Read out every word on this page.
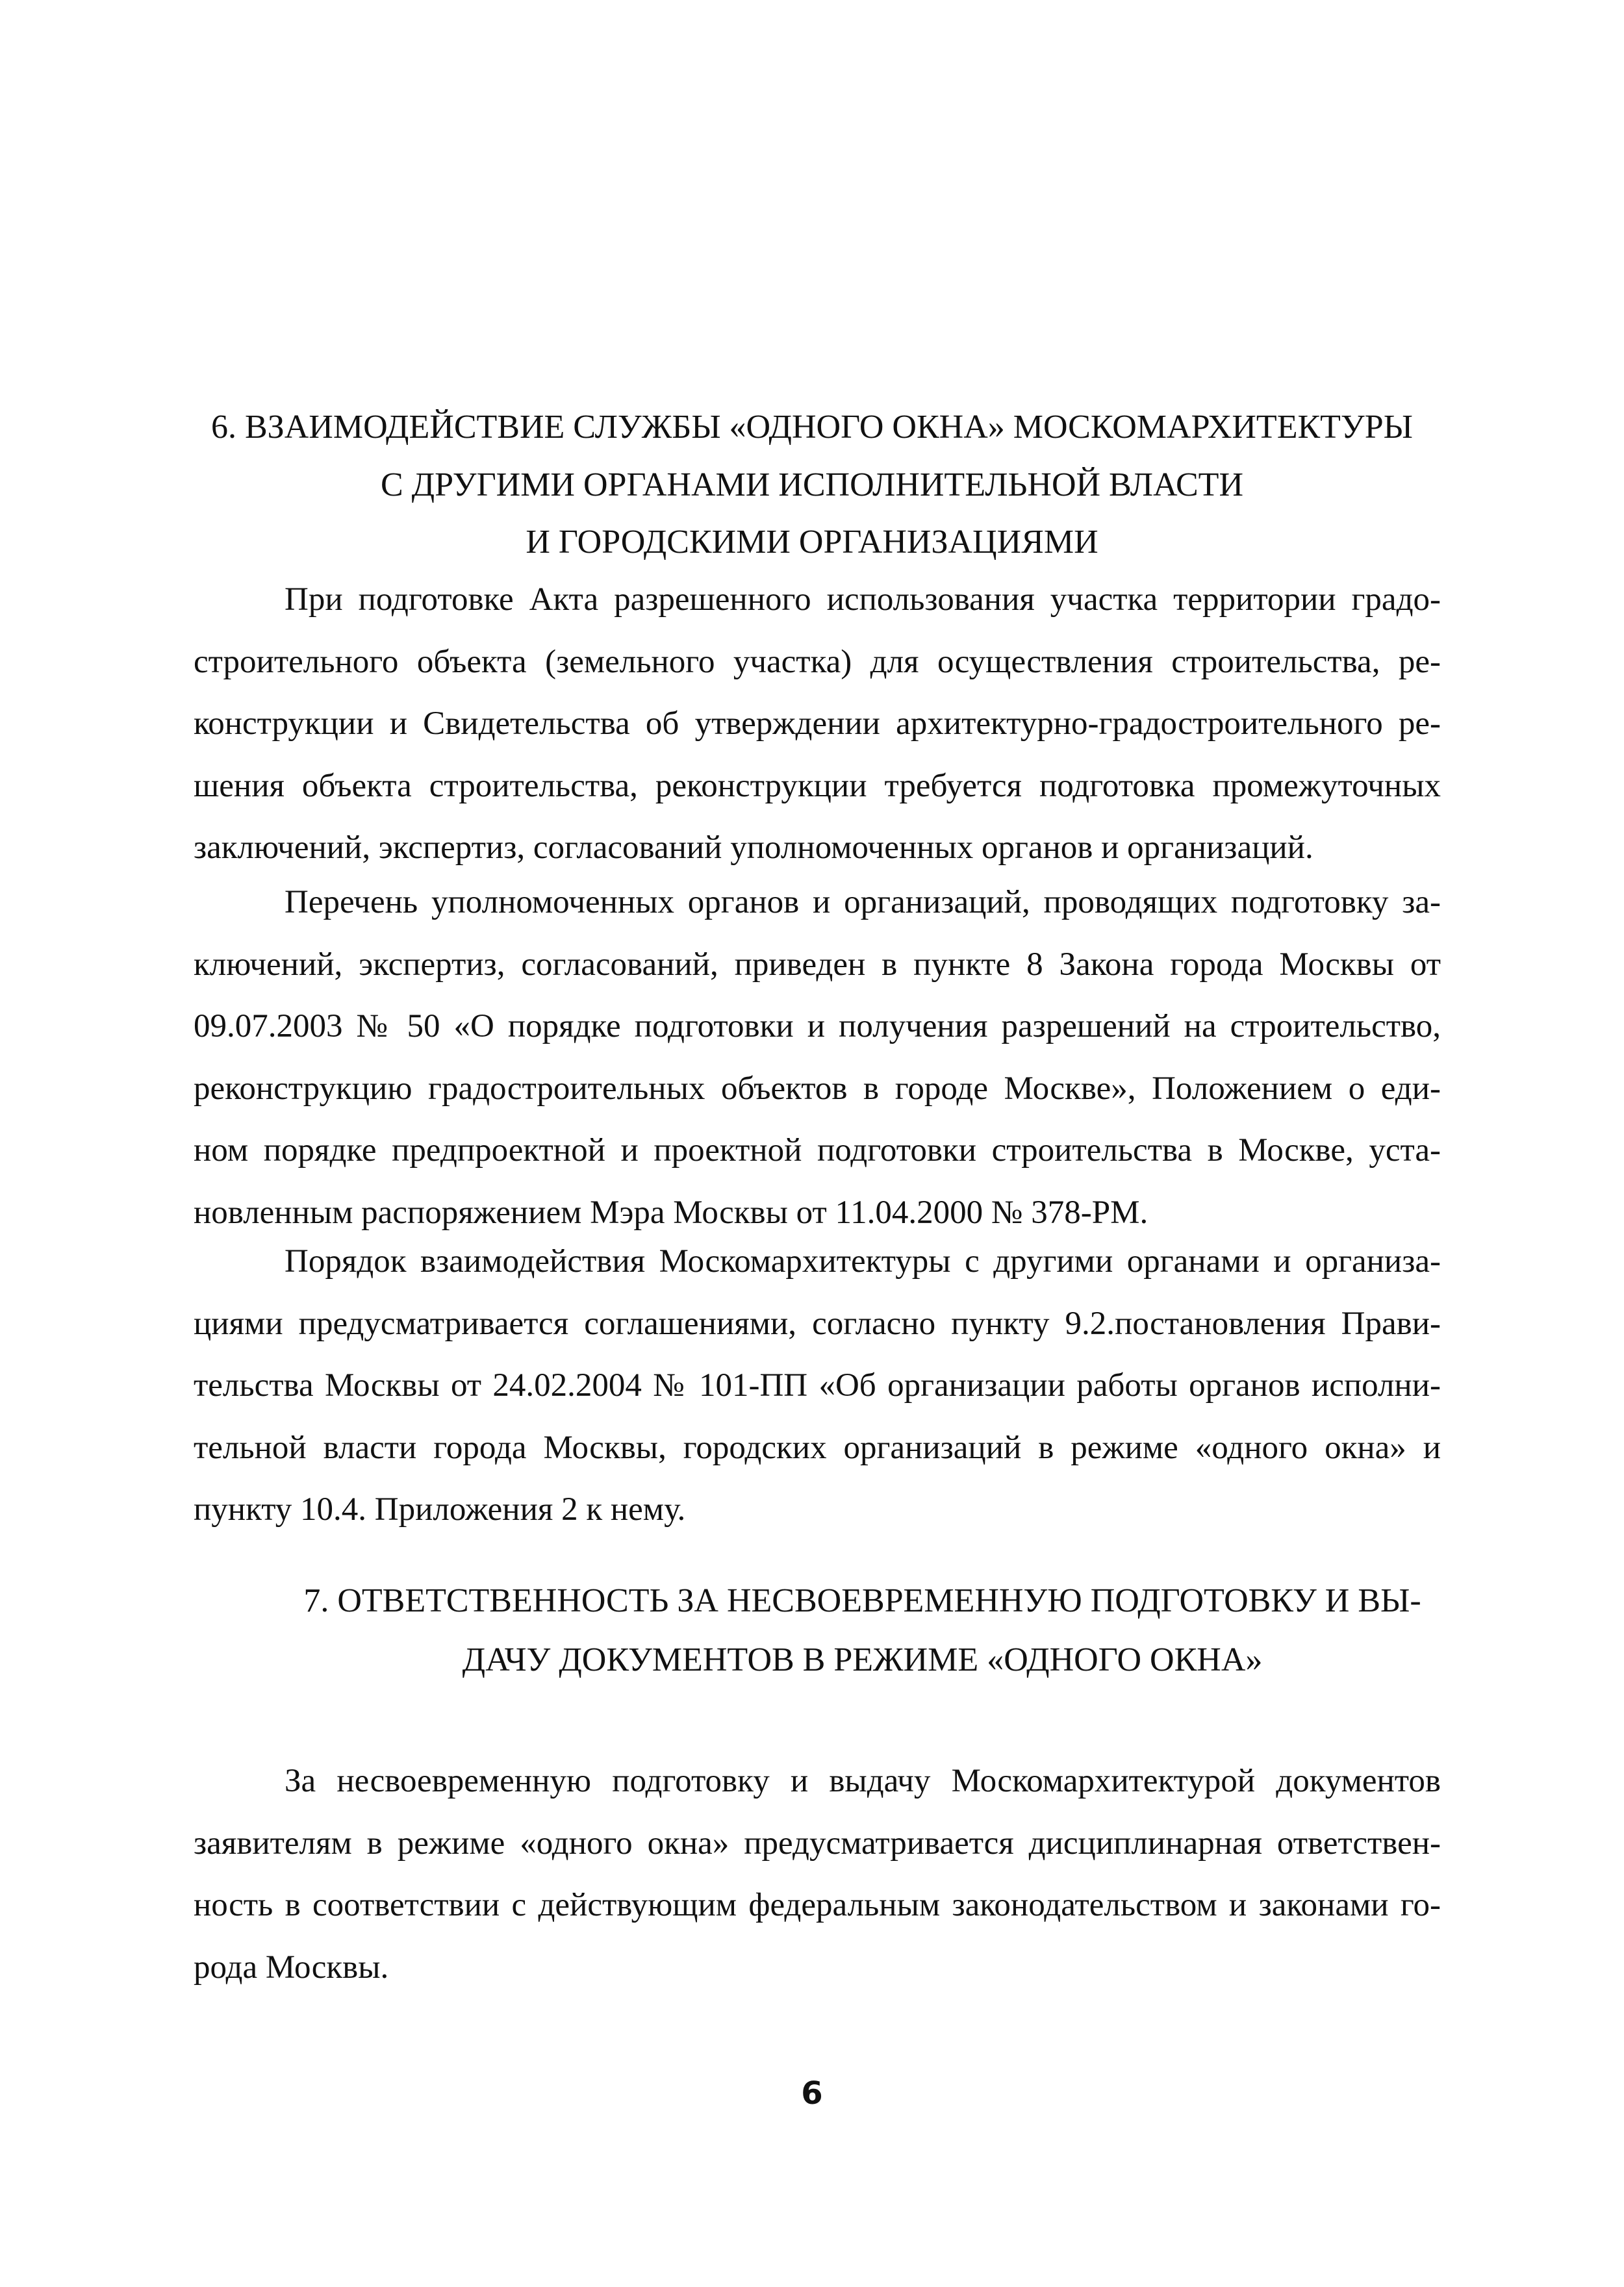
6. ВЗАИМОДЕЙСТВИЕ СЛУЖБЫ «ОДНОГО ОКНА» МОСКОМАРХИТЕКТУРЫ
С ДРУГИМИ ОРГАНАМИ ИСПОЛНИТЕЛЬНОЙ ВЛАСТИ
И ГОРОДСКИМИ ОРГАНИЗАЦИЯМИ
При подготовке Акта разрешенного использования участка территории градо-
строительного объекта (земельного участка) для осуществления строительства, ре-
конструкции и Свидетельства об утверждении архитектурно-градостроительного ре-
шения объекта строительства, реконструкции требуется подготовка промежуточных
заключений, экспертиз, согласований уполномоченных органов и организаций.
Перечень уполномоченных органов и организаций, проводящих подготовку за-
ключений, экспертиз, согласований, приведен в пункте 8 Закона города Москвы от
09.07.2003 № 50 «О порядке подготовки и получения разрешений на строительство,
реконструкцию градостроительных объектов в городе Москве», Положением о еди-
ном порядке предпроектной и проектной подготовки строительства в Москве, уста-
новленным распоряжением Мэра Москвы от 11.04.2000 № 378-РМ.
Порядок взаимодействия Москомархитектуры с другими органами и организа-
циями предусматривается соглашениями, согласно пункту 9.2.постановления Прави-
тельства Москвы от 24.02.2004 № 101-ПП «Об организации работы органов исполни-
тельной власти города Москвы, городских организаций в режиме «одного окна» и
пункту 10.4. Приложения 2 к нему.
7. ОТВЕТСТВЕННОСТЬ ЗА НЕСВОЕВРЕМЕННУЮ ПОДГОТОВКУ И ВЫ-
ДАЧУ ДОКУМЕНТОВ В РЕЖИМЕ «ОДНОГО ОКНА»
За несвоевременную подготовку и выдачу Москомархитектурой документов
заявителям в режиме «одного окна» предусматривается дисциплинарная ответствен-
ность в соответствии с действующим федеральным законодательством и законами го-
рода Москвы.
6
